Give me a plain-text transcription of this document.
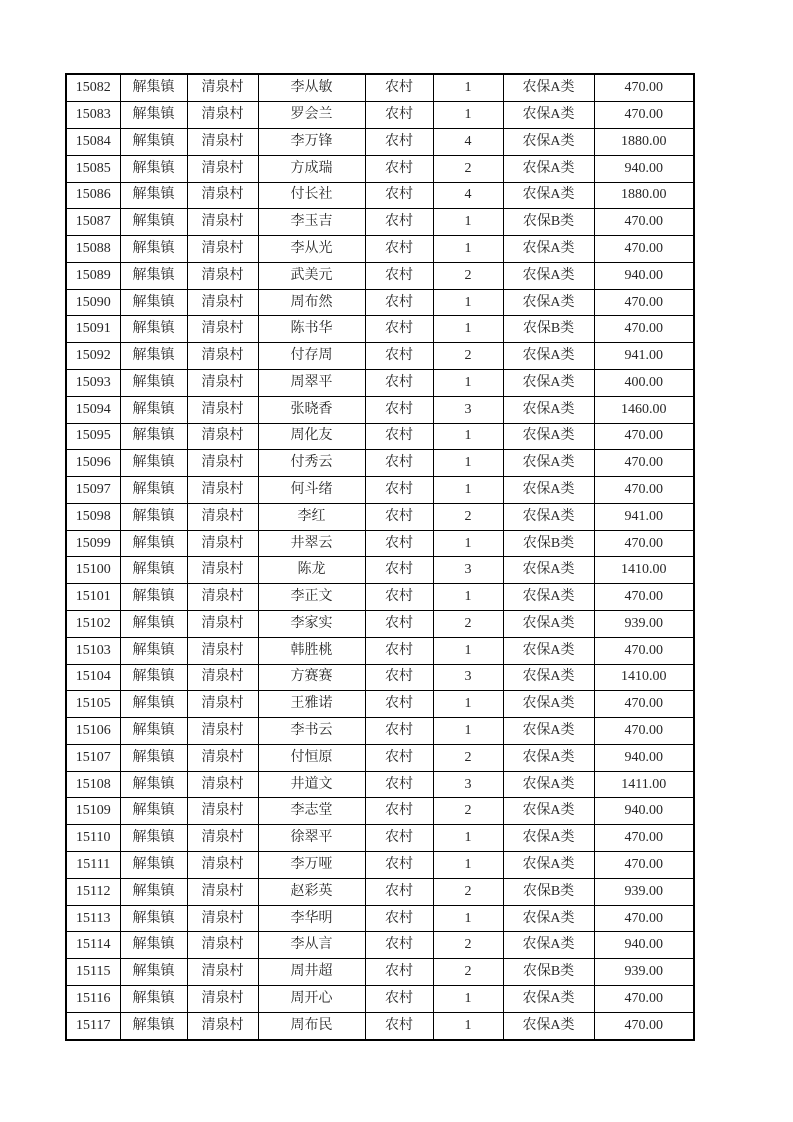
15082	解集镇	清泉村	李从敏	农村	1	农保A类	470.00
15083	解集镇	清泉村	罗会兰	农村	1	农保A类	470.00
15084	解集镇	清泉村	李万锋	农村	4	农保A类	1880.00
15085	解集镇	清泉村	方成瑞	农村	2	农保A类	940.00
15086	解集镇	清泉村	付长社	农村	4	农保A类	1880.00
15087	解集镇	清泉村	李玉吉	农村	1	农保B类	470.00
15088	解集镇	清泉村	李从光	农村	1	农保A类	470.00
15089	解集镇	清泉村	武美元	农村	2	农保A类	940.00
15090	解集镇	清泉村	周布然	农村	1	农保A类	470.00
15091	解集镇	清泉村	陈书华	农村	1	农保B类	470.00
15092	解集镇	清泉村	付存周	农村	2	农保A类	941.00
15093	解集镇	清泉村	周翠平	农村	1	农保A类	400.00
15094	解集镇	清泉村	张晓香	农村	3	农保A类	1460.00
15095	解集镇	清泉村	周化友	农村	1	农保A类	470.00
15096	解集镇	清泉村	付秀云	农村	1	农保A类	470.00
15097	解集镇	清泉村	何斗绪	农村	1	农保A类	470.00
15098	解集镇	清泉村	李红	农村	2	农保A类	941.00
15099	解集镇	清泉村	井翠云	农村	1	农保B类	470.00
15100	解集镇	清泉村	陈龙	农村	3	农保A类	1410.00
15101	解集镇	清泉村	李正文	农村	1	农保A类	470.00
15102	解集镇	清泉村	李家实	农村	2	农保A类	939.00
15103	解集镇	清泉村	韩胜桃	农村	1	农保A类	470.00
15104	解集镇	清泉村	方赛赛	农村	3	农保A类	1410.00
15105	解集镇	清泉村	王雅诺	农村	1	农保A类	470.00
15106	解集镇	清泉村	李书云	农村	1	农保A类	470.00
15107	解集镇	清泉村	付恒原	农村	2	农保A类	940.00
15108	解集镇	清泉村	井道文	农村	3	农保A类	1411.00
15109	解集镇	清泉村	李志堂	农村	2	农保A类	940.00
15110	解集镇	清泉村	徐翠平	农村	1	农保A类	470.00
15111	解集镇	清泉村	李万哑	农村	1	农保A类	470.00
15112	解集镇	清泉村	赵彩英	农村	2	农保B类	939.00
15113	解集镇	清泉村	李华明	农村	1	农保A类	470.00
15114	解集镇	清泉村	李从言	农村	2	农保A类	940.00
15115	解集镇	清泉村	周井超	农村	2	农保B类	939.00
15116	解集镇	清泉村	周开心	农村	1	农保A类	470.00
15117	解集镇	清泉村	周布民	农村	1	农保A类	470.00
